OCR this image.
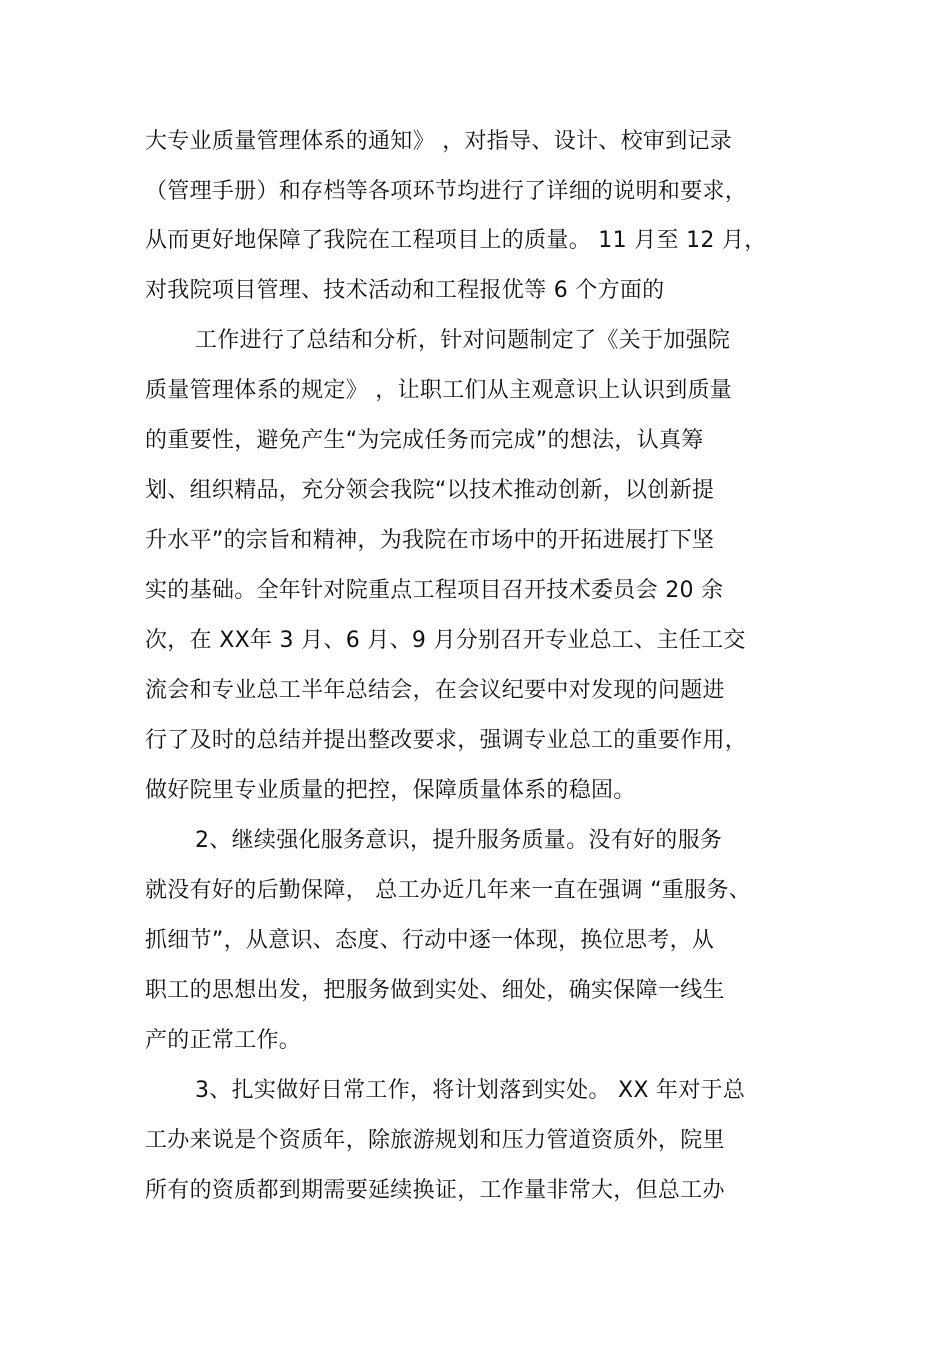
大专业质量管理体系的通知》 ，对指导、设计、校审到记录
（管理手册）和存档等各项环节均进行了详细的说明和要求，
从而更好地保障了我院在工程项目上的质量。 11 月至 12 月，
对我院项目管理、技术活动和工程报优等 6 个方面的
工作进行了总结和分析，针对问题制定了《关于加强院
质量管理体系的规定》 ，让职工们从主观意识上认识到质量
的重要性，避免产生“为完成任务而完成”的想法，认真筹
划、组织精品，充分领会我院“以技术推动创新，以创新提
升水平”的宗旨和精神，为我院在市场中的开拓进展打下坚
实的基础。全年针对院重点工程项目召开技术委员会 20 余
次，在 XX年 3 月、6 月、9 月分别召开专业总工、主任工交
流会和专业总工半年总结会，在会议纪要中对发现的问题进
行了及时的总结并提出整改要求，强调专业总工的重要作用，
做好院里专业质量的把控，保障质量体系的稳固。
2、继续强化服务意识，提升服务质量。没有好的服务
就没有好的后勤保障， 总工办近几年来一直在强调 “重服务、
抓细节”，从意识、态度、行动中逐一体现，换位思考，从
职工的思想出发，把服务做到实处、细处，确实保障一线生
产的正常工作。
3、扎实做好日常工作，将计划落到实处。 XX 年对于总
工办来说是个资质年，除旅游规划和压力管道资质外，院里
所有的资质都到期需要延续换证，工作量非常大，但总工办
